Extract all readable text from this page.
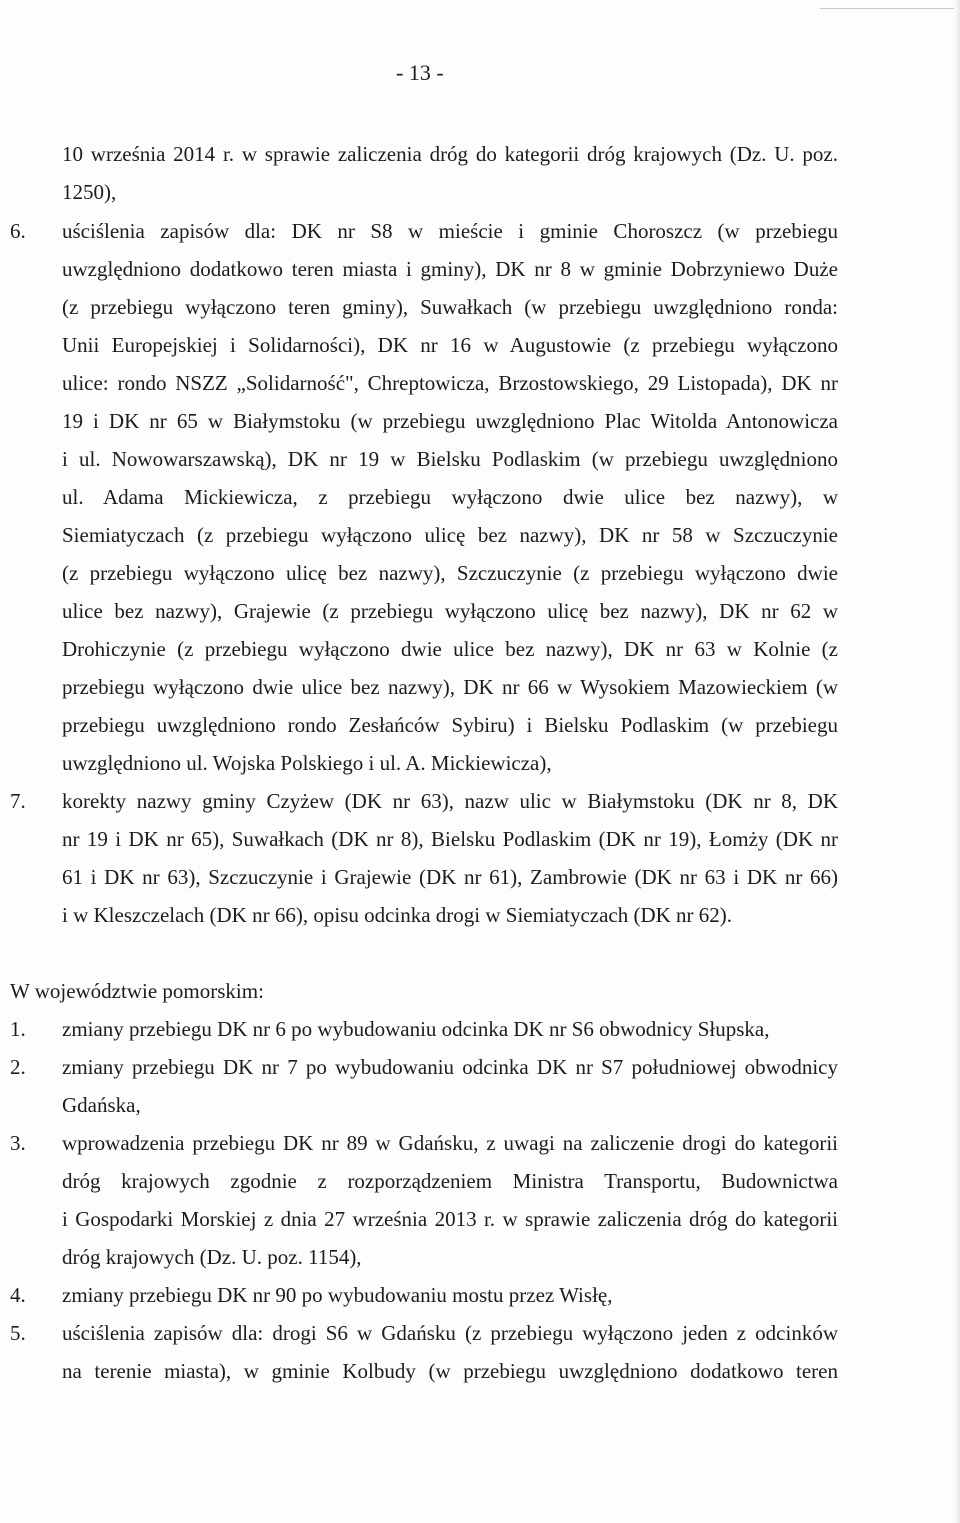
- 13 -
10 września 2014 r. w sprawie zaliczenia dróg do kategorii dróg krajowych (Dz. U. poz.
1250),
6. uściślenia zapisów dla: DK nr S8 w mieście i gminie Choroszcz (w przebiegu
uwzględniono dodatkowo teren miasta i gminy), DK nr 8 w gminie Dobrzyniewo Duże
(z przebiegu wyłączono teren gminy), Suwałkach (w przebiegu uwzględniono ronda:
Unii Europejskiej i Solidarności), DK nr 16 w Augustowie (z przebiegu wyłączono
ulice: rondo NSZZ „Solidarność", Chreptowicza, Brzostowskiego, 29 Listopada), DK nr
19 i DK nr 65 w Białymstoku (w przebiegu uwzględniono Plac Witolda Antonowicza
i ul. Nowowarszawską), DK nr 19 w Bielsku Podlaskim (w przebiegu uwzględniono
ul. Adama Mickiewicza, z przebiegu wyłączono dwie ulice bez nazwy), w
Siemiatyczach (z przebiegu wyłączono ulicę bez nazwy), DK nr 58 w Szczuczynie
(z przebiegu wyłączono ulicę bez nazwy), Szczuczynie (z przebiegu wyłączono dwie
ulice bez nazwy), Grajewie (z przebiegu wyłączono ulicę bez nazwy), DK nr 62 w
Drohiczynie (z przebiegu wyłączono dwie ulice bez nazwy), DK nr 63 w Kolnie (z
przebiegu wyłączono dwie ulice bez nazwy), DK nr 66 w Wysokiem Mazowieckiem (w
przebiegu uwzględniono rondo Zesłańców Sybiru) i Bielsku Podlaskim (w przebiegu
uwzględniono ul. Wojska Polskiego i ul. A. Mickiewicza),
7. korekty nazwy gminy Czyżew (DK nr 63), nazw ulic w Białymstoku (DK nr 8, DK
nr 19 i DK nr 65), Suwałkach (DK nr 8), Bielsku Podlaskim (DK nr 19), Łomży (DK nr
61 i DK nr 63), Szczuczynie i Grajewie (DK nr 61), Zambrowie (DK nr 63 i DK nr 66)
i w Kleszczelach (DK nr 66), opisu odcinka drogi w Siemiatyczach (DK nr 62).
W województwie pomorskim:
1. zmiany przebiegu DK nr 6 po wybudowaniu odcinka DK nr S6 obwodnicy Słupska,
2. zmiany przebiegu DK nr 7 po wybudowaniu odcinka DK nr S7 południowej obwodnicy
Gdańska,
3. wprowadzenia przebiegu DK nr 89 w Gdańsku, z uwagi na zaliczenie drogi do kategorii
dróg krajowych zgodnie z rozporządzeniem Ministra Transportu, Budownictwa
i Gospodarki Morskiej z dnia 27 września 2013 r. w sprawie zaliczenia dróg do kategorii
dróg krajowych (Dz. U. poz. 1154),
4. zmiany przebiegu DK nr 90 po wybudowaniu mostu przez Wisłę,
5. uściślenia zapisów dla: drogi S6 w Gdańsku (z przebiegu wyłączono jeden z odcinków
na terenie miasta), w gminie Kolbudy (w przebiegu uwzględniono dodatkowo teren
